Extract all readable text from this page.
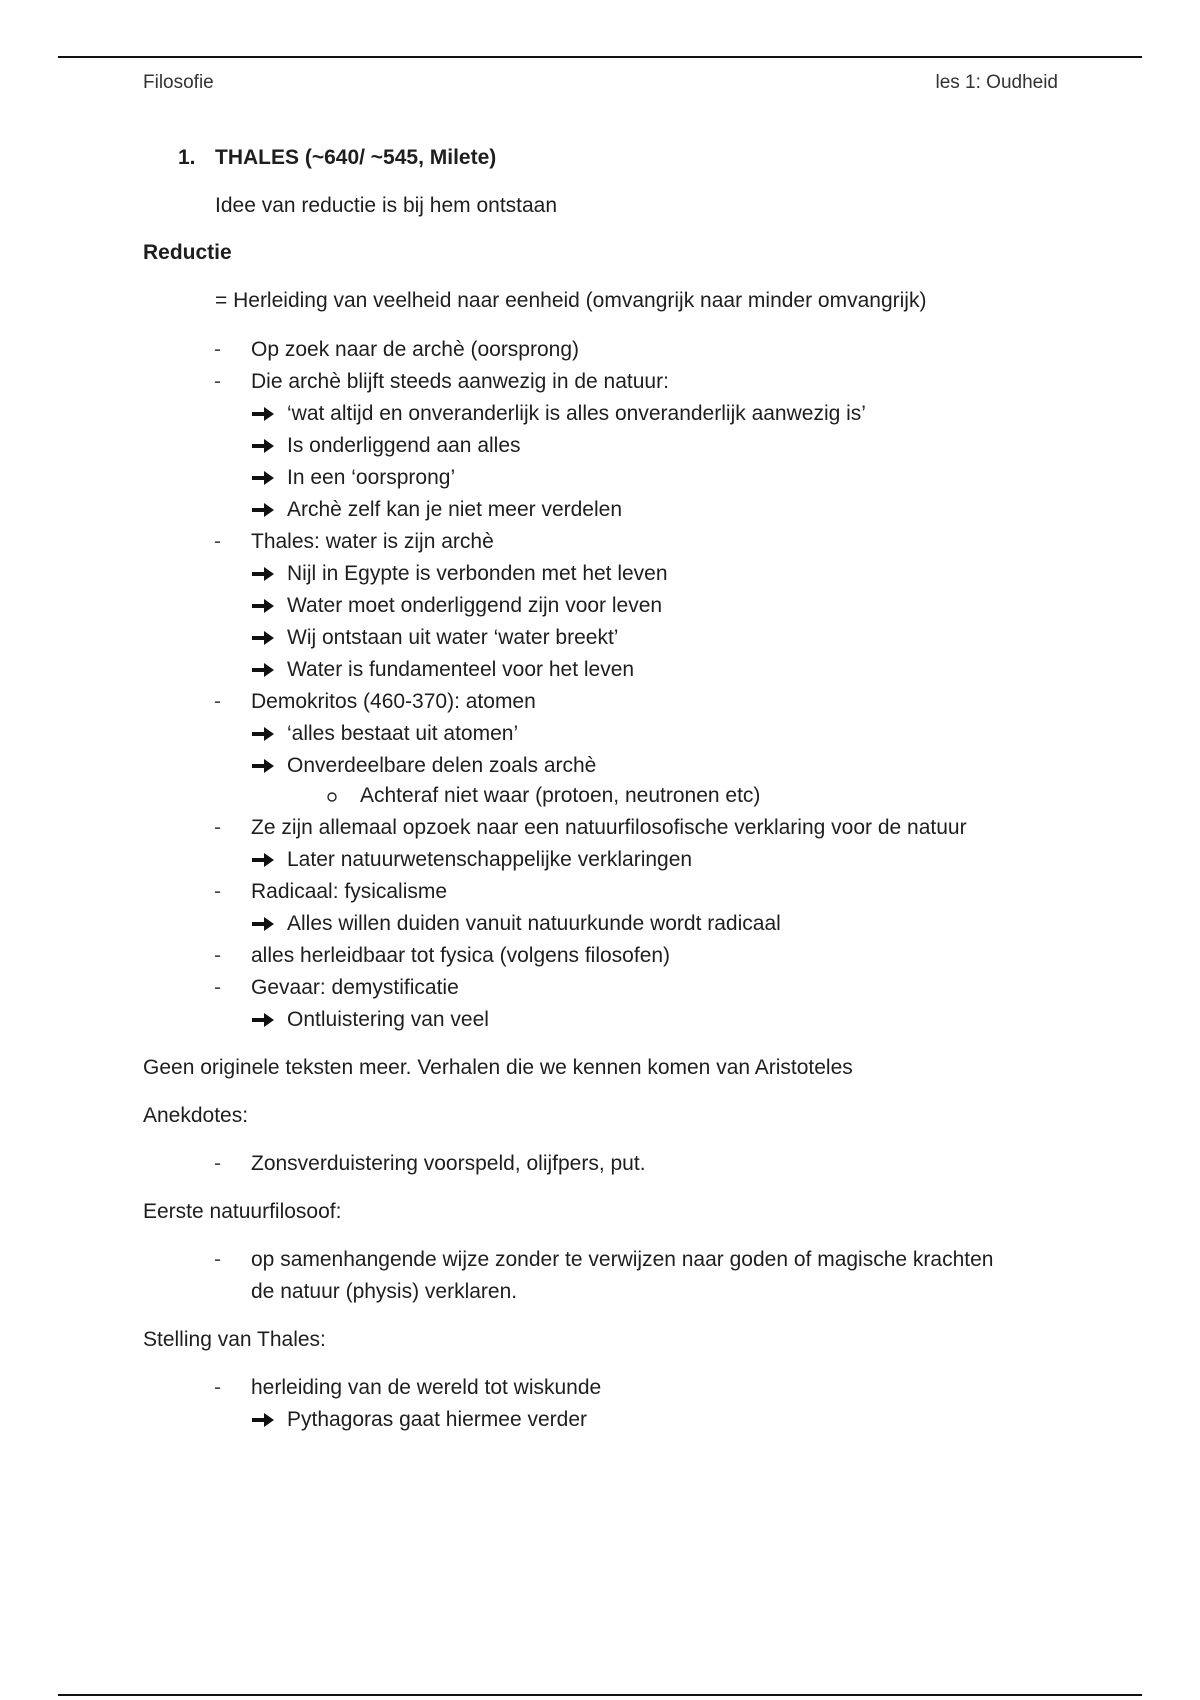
Filosofie	les 1: Oudheid
1. THALES (~640/ ~545, Milete)
Idee van reductie is bij hem ontstaan
Reductie
= Herleiding van veelheid naar eenheid (omvangrijk naar minder omvangrijk)
- Op zoek naar de archè (oorsprong)
- Die archè blijft steeds aanwezig in de natuur:
‘wat altijd en onveranderlijk is alles onveranderlijk aanwezig is’
Is onderliggend aan alles
In een ‘oorsprong’
Archè zelf kan je niet meer verdelen
- Thales: water is zijn archè
Nijl in Egypte is verbonden met het leven
Water moet onderliggend zijn voor leven
Wij ontstaan uit water ‘water breekt’
Water is fundamenteel voor het leven
- Demokritos (460-370): atomen
‘alles bestaat uit atomen’
Onverdeelbare delen zoals archè
Achteraf niet waar (protoen, neutronen etc)
- Ze zijn allemaal opzoek naar een natuurfilosofische verklaring voor de natuur
Later natuurwetenschappelijke verklaringen
- Radicaal: fysicalisme
Alles willen duiden vanuit natuurkunde wordt radicaal
- alles herleidbaar tot fysica (volgens filosofen)
- Gevaar: demystificatie
Ontluistering van veel
Geen originele teksten meer. Verhalen die we kennen komen van Aristoteles
Anekdotes:
- Zonsverduistering voorspeld, olijfpers, put.
Eerste natuurfilosoof:
- op samenhangende wijze zonder te verwijzen naar goden of magische krachten
de natuur (physis) verklaren.
Stelling van Thales:
- herleiding van de wereld tot wiskunde
Pythagoras gaat hiermee verder
